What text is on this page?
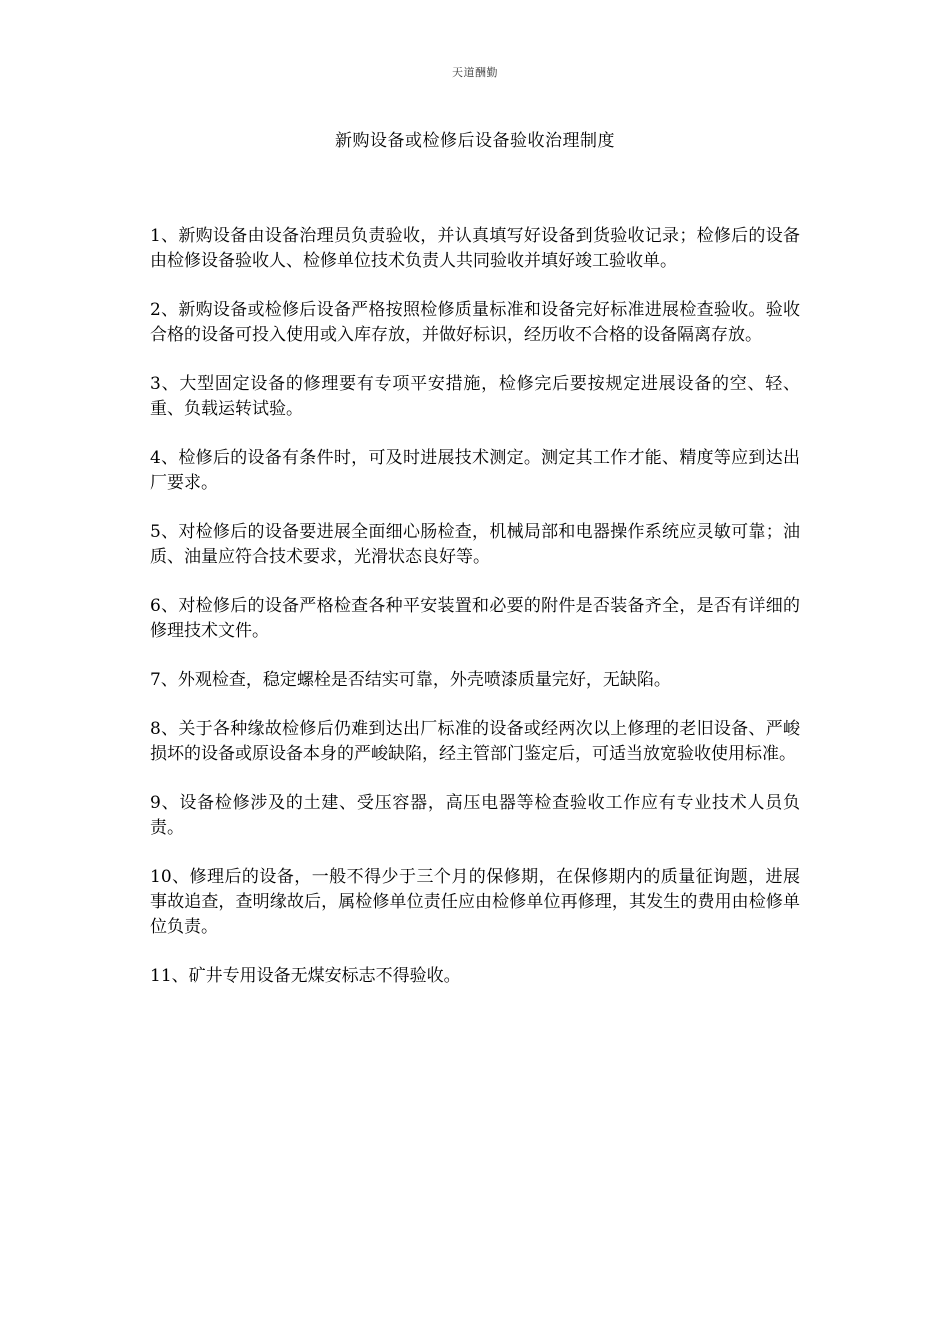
天道酬勤
新购设备或检修后设备验收治理制度

1、新购设备由设备治理员负责验收，并认真填写好设备到货验收记录；检修后的设备由检修设备验收人、检修单位技术负责人共同验收并填好竣工验收单。

2、新购设备或检修后设备严格按照检修质量标准和设备完好标准进展检查验收。验收合格的设备可投入使用或入库存放，并做好标识，经历收不合格的设备隔离存放。

3、大型固定设备的修理要有专项平安措施，检修完后要按规定进展设备的空、轻、重、负载运转试验。

4、检修后的设备有条件时，可及时进展技术测定。测定其工作才能、精度等应到达出厂要求。

5、对检修后的设备要进展全面细心肠检查，机械局部和电器操作系统应灵敏可靠；油质、油量应符合技术要求，光滑状态良好等。

6、对检修后的设备严格检查各种平安装置和必要的附件是否装备齐全，是否有详细的修理技术文件。

7、外观检查，稳定螺栓是否结实可靠，外壳喷漆质量完好，无缺陷。

8、关于各种缘故检修后仍难到达出厂标准的设备或经两次以上修理的老旧设备、严峻损坏的设备或原设备本身的严峻缺陷，经主管部门鉴定后，可适当放宽验收使用标准。

9、设备检修涉及的土建、受压容器，高压电器等检查验收工作应有专业技术人员负责。

10、修理后的设备，一般不得少于三个月的保修期，在保修期内的质量征询题，进展事故追查，查明缘故后，属检修单位责任应由检修单位再修理，其发生的费用由检修单位负责。

11、矿井专用设备无煤安标志不得验收。
